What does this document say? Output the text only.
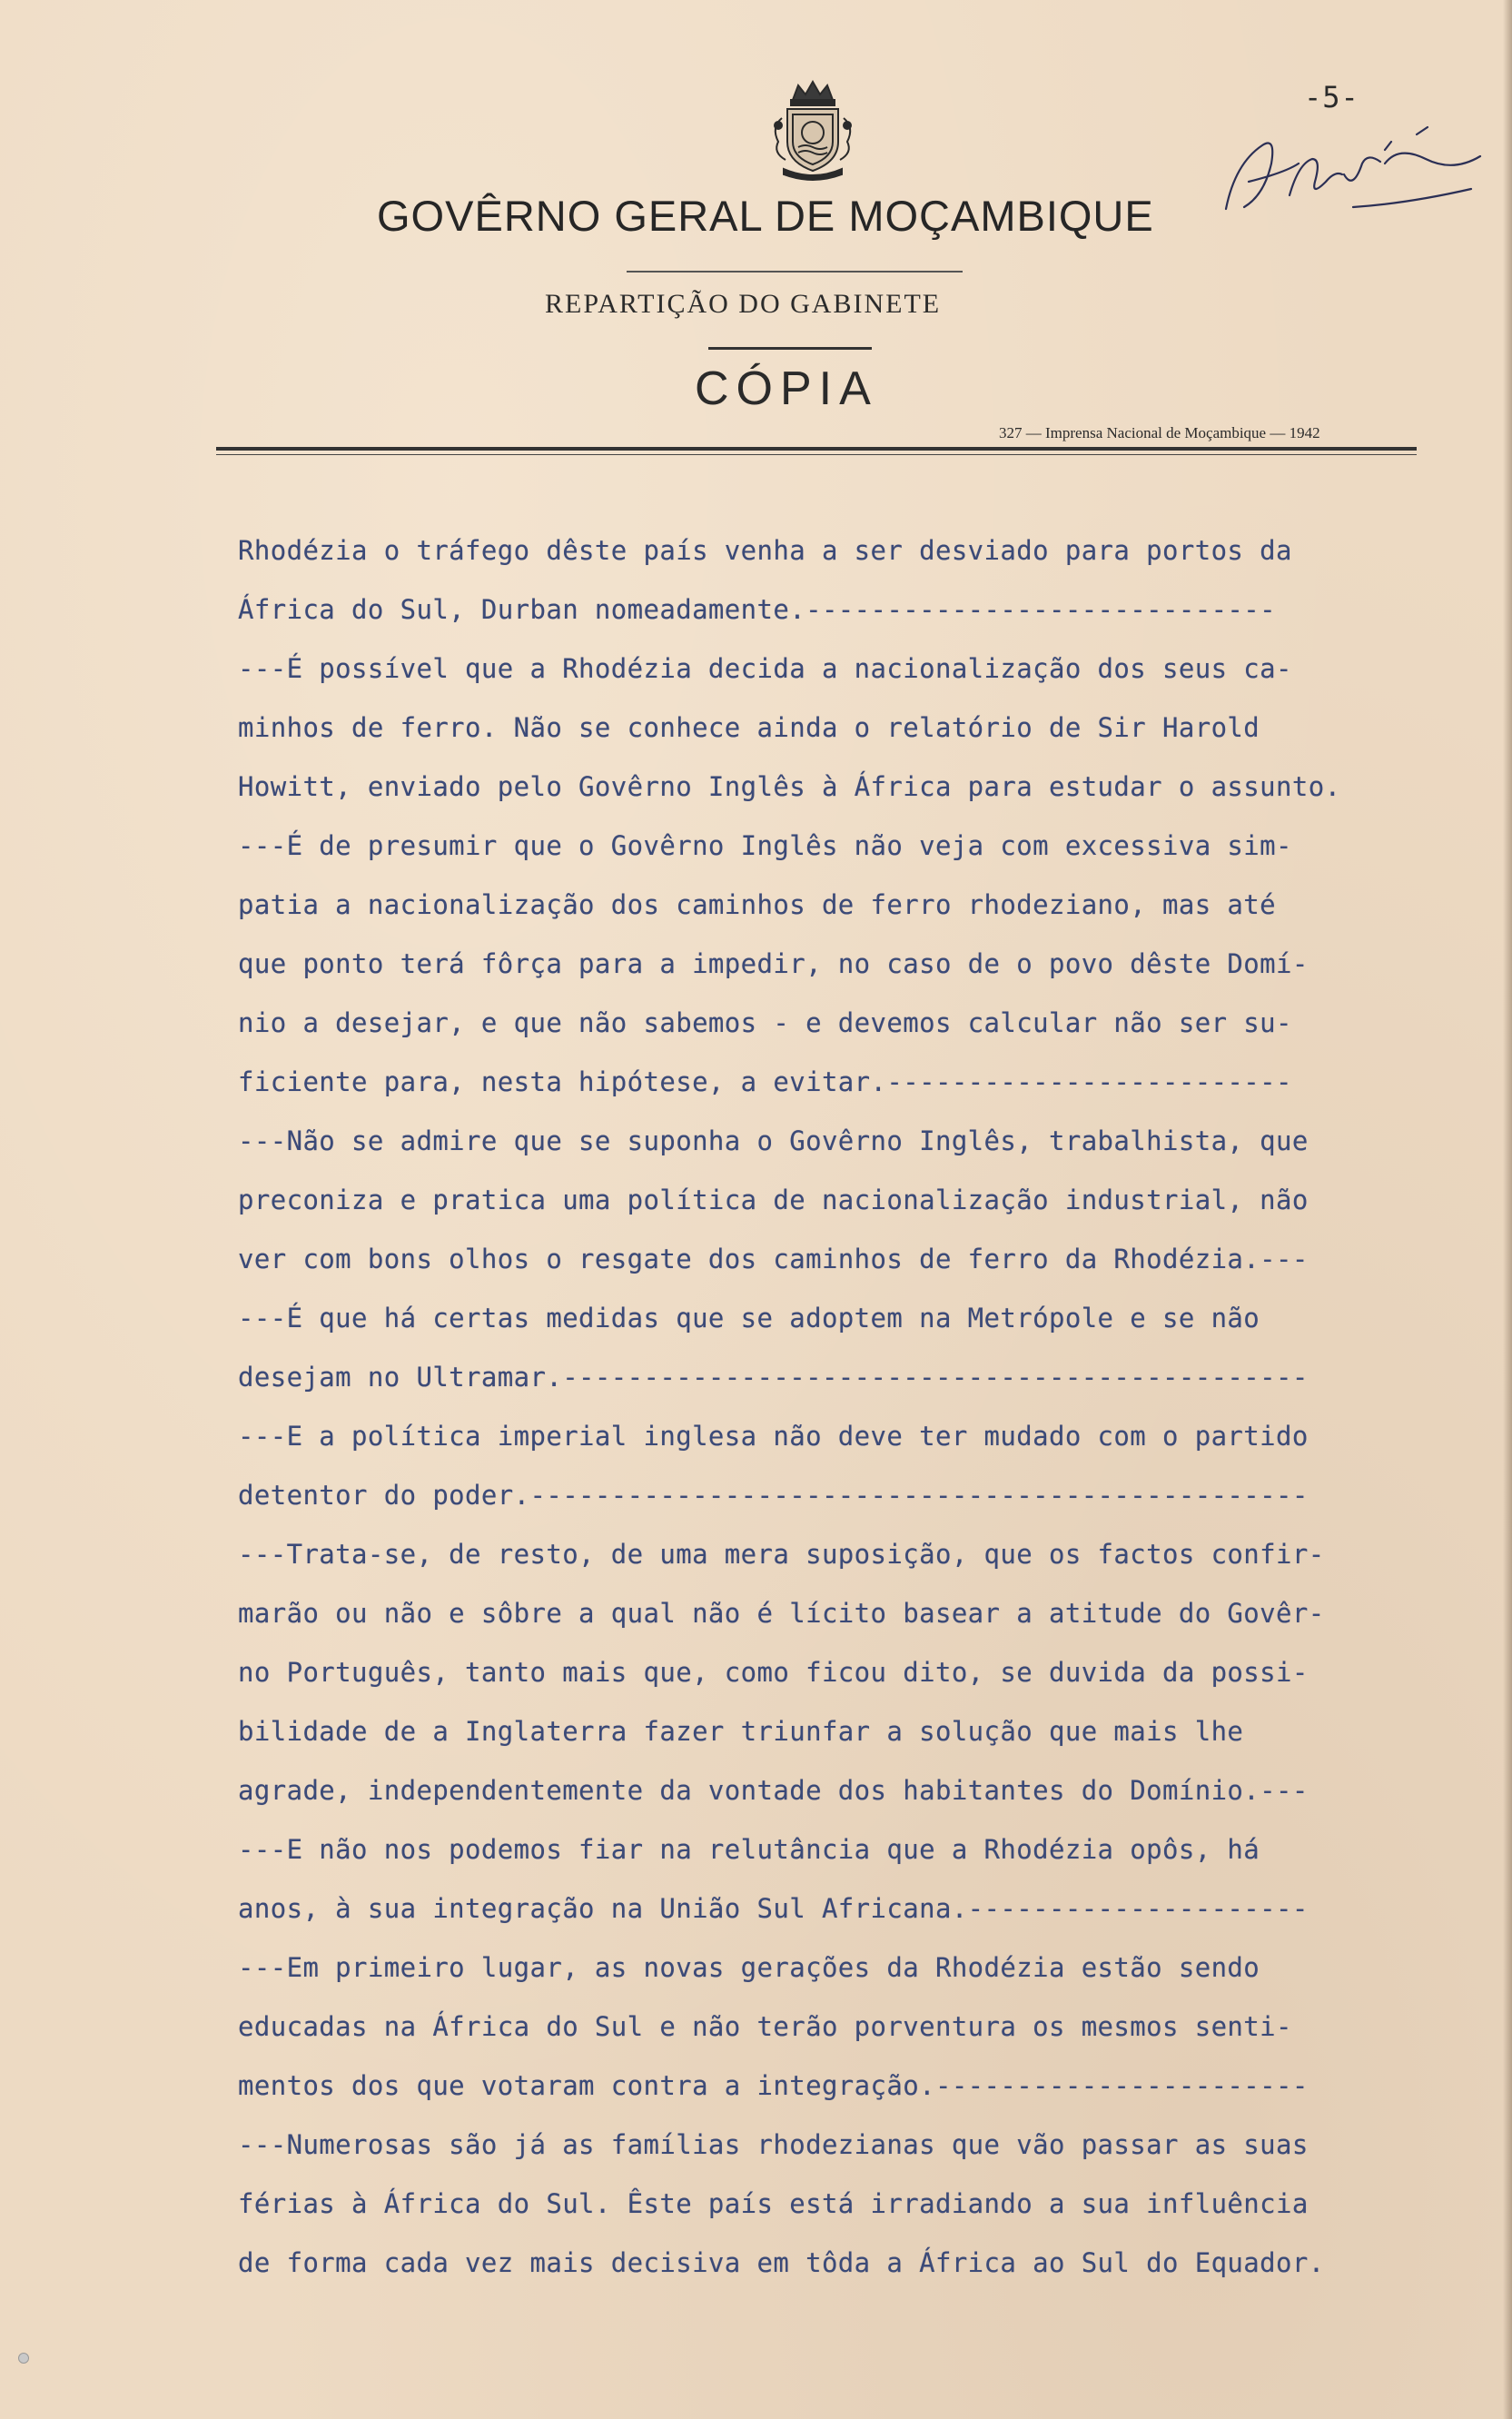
-5-
GOVÊRNO GERAL DE MOÇAMBIQUE
REPARTIÇÃO DO GABINETE
CÓPIA
327 — Imprensa Nacional de Moçambique — 1942
Rhodézia o tráfego dêste país venha a ser desviado para portos da
África do Sul, Durban nomeadamente.-----------------------------
---É possível que a Rhodézia decida a nacionalização dos seus ca-
minhos de ferro. Não se conhece ainda o relatório de Sir Harold
Howitt, enviado pelo Govêrno Inglês à África para estudar o assunto.
---É de presumir que o Govêrno Inglês não veja com excessiva sim-
patia a nacionalização dos caminhos de ferro rhodeziano, mas até
que ponto terá fôrça para a impedir, no caso de o povo dêste Domí-
nio a desejar, e que não sabemos - e devemos calcular não ser su-
ficiente para, nesta hipótese, a evitar.-------------------------
---Não se admire que se suponha o Govêrno Inglês, trabalhista, que
preconiza e pratica uma política de nacionalização industrial, não
ver com bons olhos o resgate dos caminhos de ferro da Rhodézia.---
---É que há certas medidas que se adoptem na Metrópole e se não
desejam no Ultramar.----------------------------------------------
---E a política imperial inglesa não deve ter mudado com o partido
detentor do poder.------------------------------------------------
---Trata-se, de resto, de uma mera suposição, que os factos confir-
marão ou não e sôbre a qual não é lícito basear a atitude do Govêr-
no Português, tanto mais que, como ficou dito, se duvida da possi-
bilidade de a Inglaterra fazer triunfar a solução que mais lhe
agrade, independentemente da vontade dos habitantes do Domínio.---
---E não nos podemos fiar na relutância que a Rhodézia opôs, há
anos, à sua integração na União Sul Africana.---------------------
---Em primeiro lugar, as novas gerações da Rhodézia estão sendo
educadas na África do Sul e não terão porventura os mesmos senti-
mentos dos que votaram contra a integração.-----------------------
---Numerosas são já as famílias rhodezianas que vão passar as suas
férias à África do Sul. Êste país está irradiando a sua influência
de forma cada vez mais decisiva em tôda a África ao Sul do Equador.
